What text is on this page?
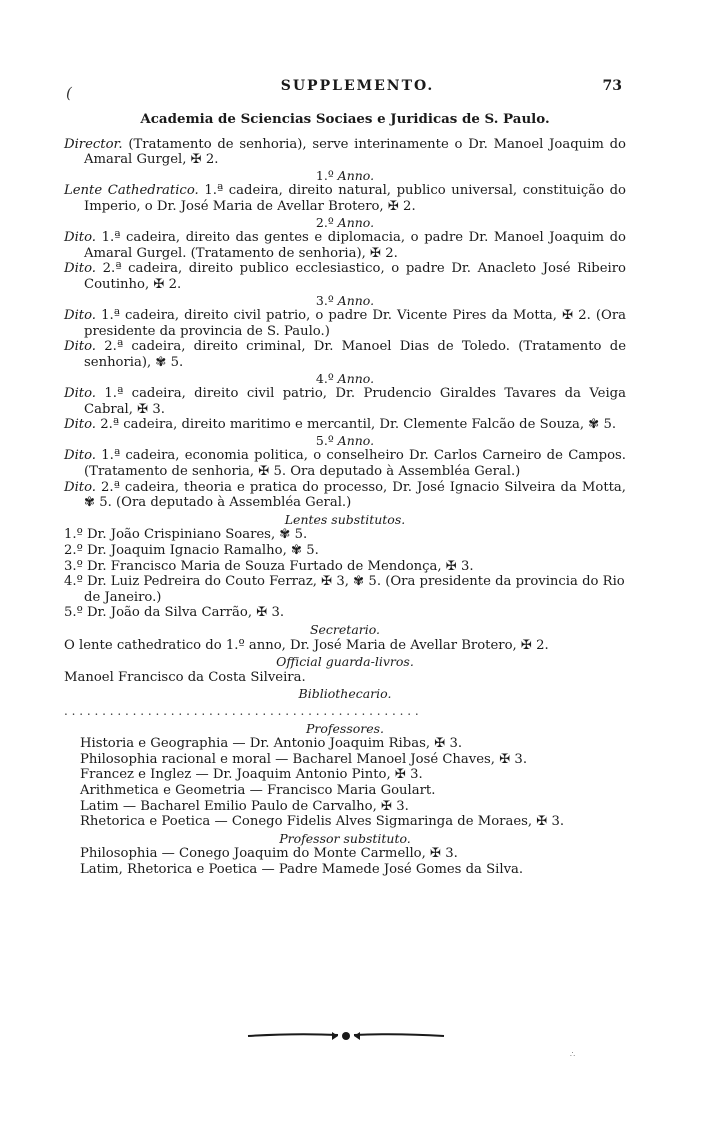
(	SUPPLEMENTO.	73

Academia de Sciencias Sociaes e Juridicas de S. Paulo.

Director. (Tratamento de senhoria), serve interinamente o Dr. Manoel Joaquim do Amaral Gurgel, ✠ 2.

1.º Anno.

Lente Cathedratico. 1.ª cadeira, direito natural, publico universal, constituição do Imperio, o Dr. José Maria de Avellar Brotero, ✠ 2.

2.º Anno.

Dito. 1.ª cadeira, direito das gentes e diplomacia, o padre Dr. Manoel Joaquim do Amaral Gurgel. (Tratamento de senhoria), ✠ 2.

Dito. 2.ª cadeira, direito publico ecclesiastico, o padre Dr. Anacleto José Ribeiro Coutinho, ✠ 2.

3.º Anno.

Dito. 1.ª cadeira, direito civil patrio, o padre Dr. Vicente Pires da Motta, ✠ 2. (Ora presidente da provincia de S. Paulo.)

Dito. 2.ª cadeira, direito criminal, Dr. Manoel Dias de Toledo. (Tratamento de senhoria), ✾ 5.

4.º Anno.

Dito. 1.ª cadeira, direito civil patrio, Dr. Prudencio Giraldes Tavares da Veiga Cabral, ✠ 3.

Dito. 2.ª cadeira, direito maritimo e mercantil, Dr. Clemente Falcão de Souza, ✾ 5.

5.º Anno.

Dito. 1.ª cadeira, economia politica, o conselheiro Dr. Carlos Carneiro de Campos. (Tratamento de senhoria, ✠ 5. Ora deputado à Assembléa Geral.)

Dito. 2.ª cadeira, theoria e pratica do processo, Dr. José Ignacio Silveira da Motta, ✾ 5. (Ora deputado à Assembléa Geral.)

Lentes substitutos.

1.º Dr. João Crispiniano Soares, ✾ 5.

2.º Dr. Joaquim Ignacio Ramalho, ✾ 5.

3.º Dr. Francisco Maria de Souza Furtado de Mendonça, ✠ 3.

4.º Dr. Luiz Pedreira do Couto Ferraz, ✠ 3, ✾ 5. (Ora presidente da provincia do Rio de Janeiro.)

5.º Dr. João da Silva Carrão, ✠ 3.

Secretario.

O lente cathedratico do 1.º anno, Dr. José Maria de Avellar Brotero, ✠ 2.

Official guarda-livros.

Manoel Francisco da Costa Silveira.

Bibliothecario.

. . . . . . . . . . . . . . . . . . . . . . . . . . . . . . . . . . . . . . . . . . . . . . .

Professores.

Historia e Geographia — Dr. Antonio Joaquim Ribas, ✠ 3.

Philosophia racional e moral — Bacharel Manoel José Chaves, ✠ 3.

Francez e Inglez — Dr. Joaquim Antonio Pinto, ✠ 3.

Arithmetica e Geometria — Francisco Maria Goulart.

Latim — Bacharel Emilio Paulo de Carvalho, ✠ 3.

Rhetorica e Poetica — Conego Fidelis Alves Sigmaringa de Moraes, ✠ 3.

Professor substituto.

Philosophia — Conego Joaquim do Monte Carmello, ✠ 3.

Latim, Rhetorica e Poetica — Padre Mamede José Gomes da Silva.

∴
